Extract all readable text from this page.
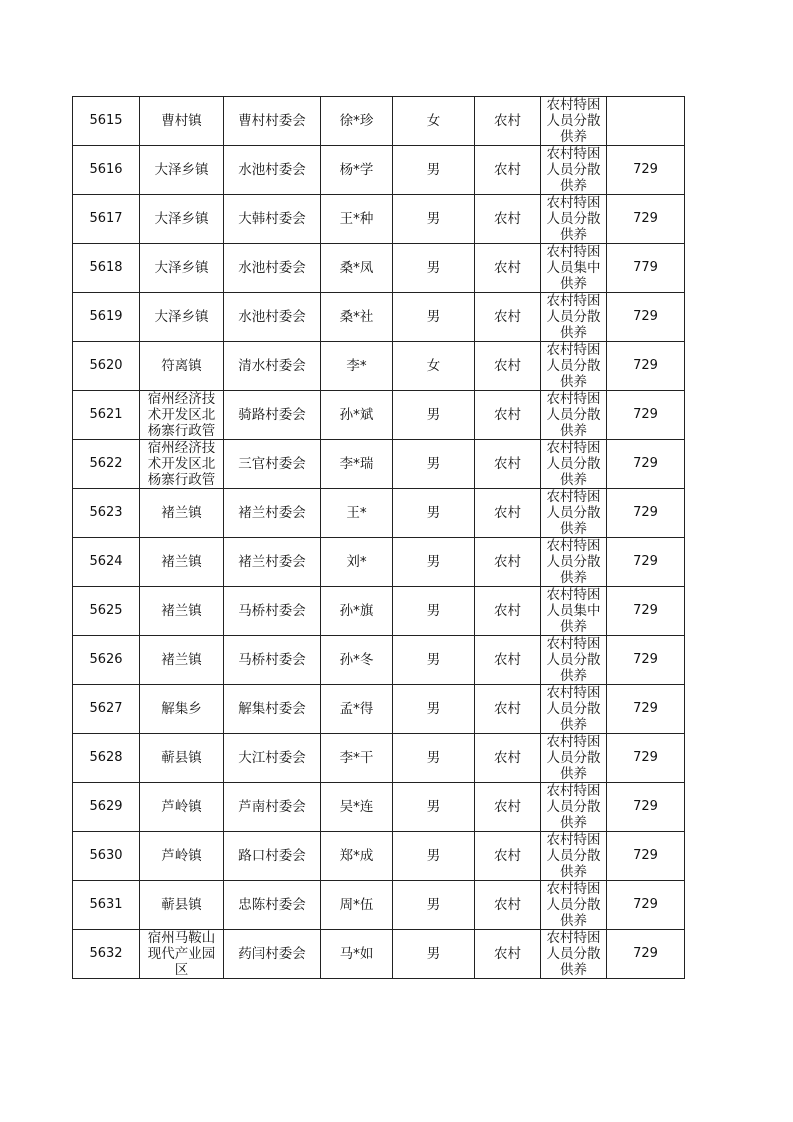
5615	曹村镇	曹村村委会	徐*珍	女	农村	农村特困人员分散供养	

5616	大泽乡镇	水池村委会	杨*学	男	农村	农村特困人员分散供养	729
5617	大泽乡镇	大韩村委会	王*种	男	农村	农村特困人员分散供养	729
5618	大泽乡镇	水池村委会	桑*凤	男	农村	农村特困人员集中供养	779
5619	大泽乡镇	水池村委会	桑*社	男	农村	农村特困人员分散供养	729
5620	符离镇	清水村委会	李*	女	农村	农村特困人员分散供养	729
5621	宿州经济技术开发区北杨寨行政管	骑路村委会	孙*斌	男	农村	农村特困人员分散供养	729
5622	宿州经济技术开发区北杨寨行政管	三官村委会	李*瑞	男	农村	农村特困人员分散供养	729
5623	褚兰镇	褚兰村委会	王*	男	农村	农村特困人员分散供养	729
5624	褚兰镇	褚兰村委会	刘*	男	农村	农村特困人员分散供养	729
5625	褚兰镇	马桥村委会	孙*旗	男	农村	农村特困人员集中供养	729
5626	褚兰镇	马桥村委会	孙*冬	男	农村	农村特困人员分散供养	729
5627	解集乡	解集村委会	孟*得	男	农村	农村特困人员分散供养	729
5628	蕲县镇	大江村委会	李*干	男	农村	农村特困人员分散供养	729
5629	芦岭镇	芦南村委会	吴*连	男	农村	农村特困人员分散供养	729
5630	芦岭镇	路口村委会	郑*成	男	农村	农村特困人员分散供养	729
5631	蕲县镇	忠陈村委会	周*伍	男	农村	农村特困人员分散供养	729
5632	宿州马鞍山现代产业园区	药闫村委会	马*如	男	农村	农村特困人员分散供养	729
